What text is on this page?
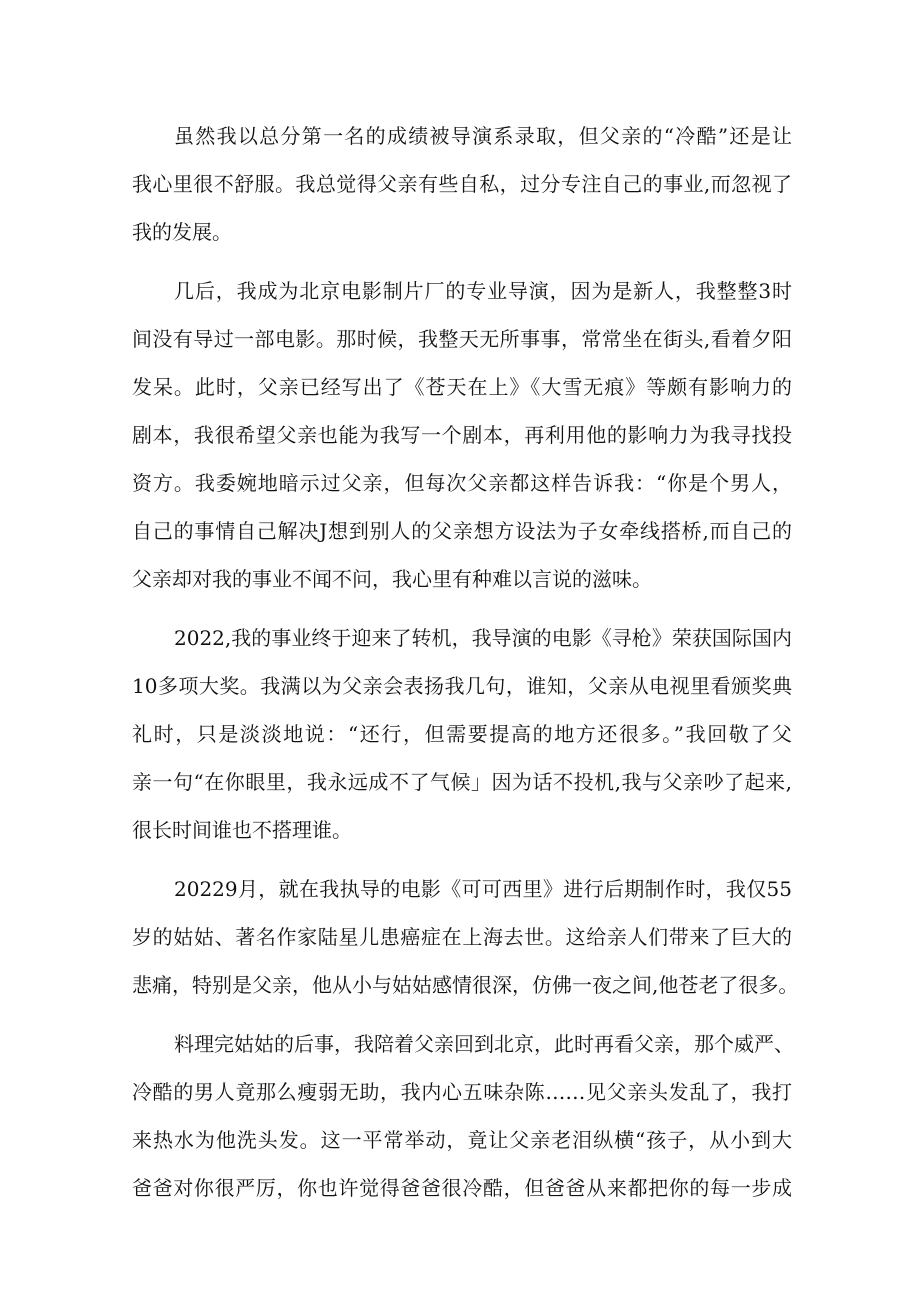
虽然我以总分第一名的成绩被导演系录取，但父亲的“冷酷”还是让
我心里很不舒服。我总觉得父亲有些自私，过分专注自己的事业,而忽视了
我的发展。
几后，我成为北京电影制片厂的专业导演，因为是新人，我整整3时
间没有导过一部电影。那时候，我整天无所事事，常常坐在街头,看着夕阳
发呆。此时，父亲已经写出了《苍天在上》《大雪无痕》等颇有影响力的
剧本，我很希望父亲也能为我写一个剧本，再利用他的影响力为我寻找投
资方。我委婉地暗示过父亲，但每次父亲都这样告诉我：“你是个男人，
自己的事情自己解决J想到别人的父亲想方设法为子女牵线搭桥,而自己的
父亲却对我的事业不闻不问，我心里有种难以言说的滋味。
2022,我的事业终于迎来了转机，我导演的电影《寻枪》荣获国际国内
10多项大奖。我满以为父亲会表扬我几句，谁知，父亲从电视里看颁奖典
礼时，只是淡淡地说：“还行，但需要提高的地方还很多。”我回敬了父
亲一句“在你眼里，我永远成不了气候」因为话不投机,我与父亲吵了起来,
很长时间谁也不搭理谁。
20229月，就在我执导的电影《可可西里》进行后期制作时，我仅55
岁的姑姑、著名作家陆星儿患癌症在上海去世。这给亲人们带来了巨大的
悲痛，特别是父亲，他从小与姑姑感情很深，仿佛一夜之间,他苍老了很多。
料理完姑姑的后事，我陪着父亲回到北京，此时再看父亲，那个威严、
冷酷的男人竟那么瘦弱无助，我内心五味杂陈……见父亲头发乱了，我打
来热水为他洗头发。这一平常举动，竟让父亲老泪纵横“孩子，从小到大
爸爸对你很严厉，你也许觉得爸爸很冷酷，但爸爸从来都把你的每一步成
